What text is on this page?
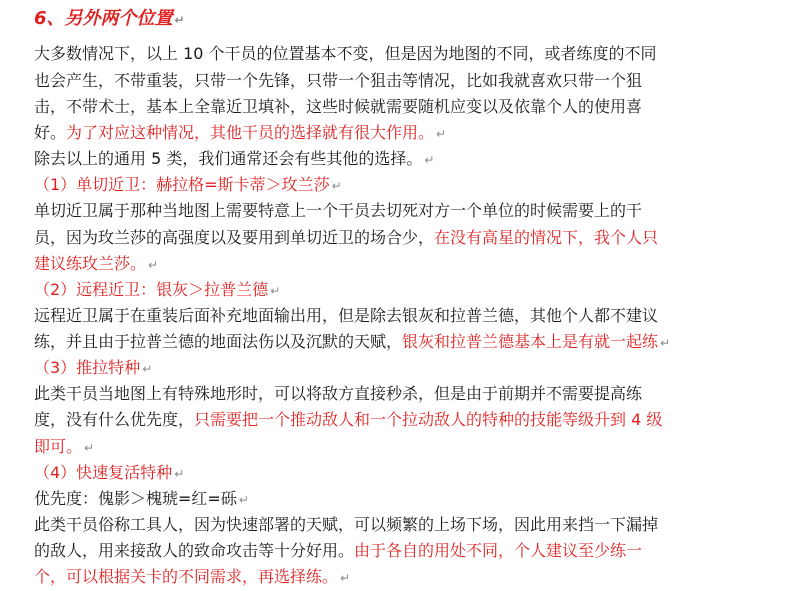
6、另外两个位置 ↵
大多数情况下，以上 10 个干员的位置基本不变，但是因为地图的不同，或者练度的不同
也会产生，不带重装，只带一个先锋，只带一个狙击等情况，比如我就喜欢只带一个狙
击，不带术士，基本上全靠近卫填补，这些时候就需要随机应变以及依靠个人的使用喜
好。为了对应这种情况，其他干员的选择就有很大作用。 ↵
除去以上的通用 5 类，我们通常还会有些其他的选择。 ↵
（1）单切近卫：赫拉格=斯卡蒂＞玫兰莎 ↵
单切近卫属于那种当地图上需要特意上一个干员去切死对方一个单位的时候需要上的干
员，因为玫兰莎的高强度以及要用到单切近卫的场合少，在没有高星的情况下，我个人只
建议练玫兰莎。 ↵
（2）远程近卫：银灰＞拉普兰德 ↵
远程近卫属于在重装后面补充地面输出用，但是除去银灰和拉普兰德，其他个人都不建议
练，并且由于拉普兰德的地面法伤以及沉默的天赋，银灰和拉普兰德基本上是有就一起练 ↵
（3）推拉特种 ↵
此类干员当地图上有特殊地形时，可以将敌方直接秒杀，但是由于前期并不需要提高练
度，没有什么优先度，只需要把一个推动敌人和一个拉动敌人的特种的技能等级升到 4 级
即可。 ↵
（4）快速复活特种 ↵
优先度：傀影＞槐琥=红=砾 ↵
此类干员俗称工具人，因为快速部署的天赋，可以频繁的上场下场，因此用来挡一下漏掉
的敌人，用来接敌人的致命攻击等十分好用。由于各自的用处不同，个人建议至少练一
个，可以根据关卡的不同需求，再选择练。 ↵
